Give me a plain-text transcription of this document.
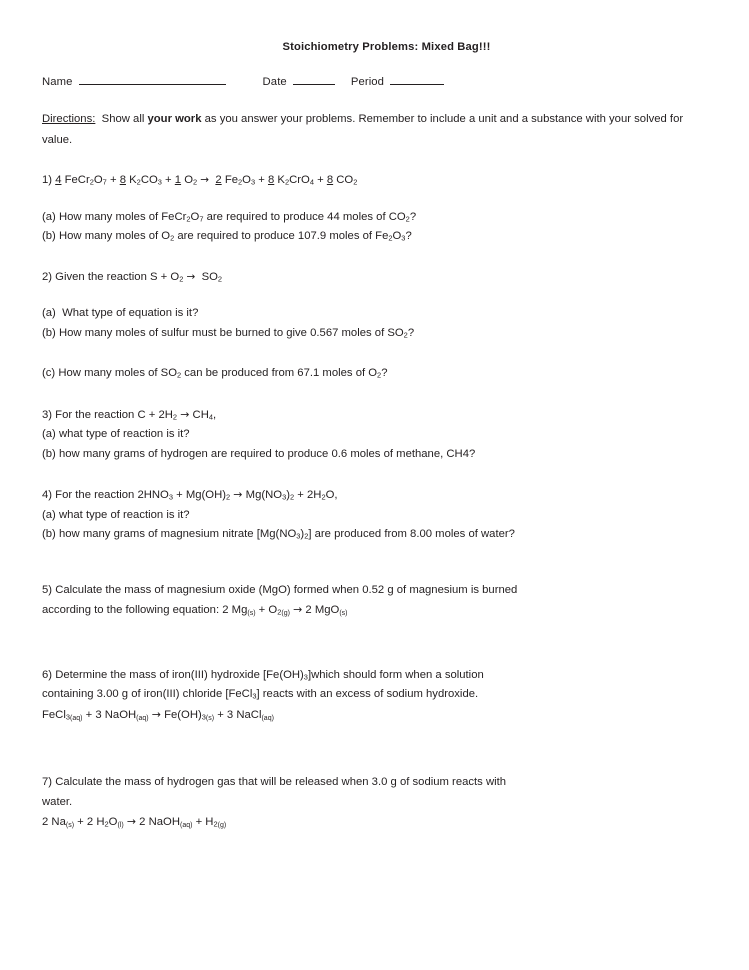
Stoichiometry Problems: Mixed Bag!!!
Name	Date	Period

Directions: Show all your work as you answer your problems. Remember to include a unit and a substance with your solved for value.

1) 4 $FeCr_2O_7 + 8$ $K_2CO_3 + 1$ $O_2 \to 2$ $Fe_2O_3 + 8$ $K_2CrO_4 + 8$ $CO_2$

(a) How many moles of $FeCr_2O_7$ are required to produce 44 moles of $CO_2$?

(b) How many moles of $O_2$ are required to produce 107.9 moles of $Fe_2O_3$?

2) Given the reaction $S + O_2 \to SO_2$

(a)  What type of equation is it?

(b) How many moles of sulfur must be burned to give 0.567 moles of $SO_2$?

(c) How many moles of $SO_2$ can be produced from 67.1 moles of $O_2$?

3) For the reaction $C + 2H_2 \to CH_4$,

(a) what type of reaction is it?

(b) how many grams of hydrogen are required to produce 0.6 moles of methane, CH4?

4) For the reaction $2HNO_3 + Mg(OH)_2 \to Mg(NO_3)_2 + 2H_2O$,

(a) what type of reaction is it?

(b) how many grams of magnesium nitrate $[Mg(NO_3)_2]$ are produced from 8.00 moles of water?

5) Calculate the mass of magnesium oxide (MgO) formed when 0.52 g of magnesium is burned

according to the following equation: 2 $Mg(s) + O_2(g) \to 2$ MgO(s)

6) Determine the mass of iron(III) hydroxide $[Fe(OH)_3]which$ should form when a solution

containing 3.00 g of iron(III) chloride [FeCl$_3$] reacts with an excess of sodium hydroxide.

FeCl$_3$(aq) + 3 NaOH(aq) → $Fe(OH)_3(s) + 3$ NaCl(aq)

7) Calculate the mass of hydrogen gas that will be released when 3.0 g of sodium reacts with

water.

2 Na(s) + 2 $H_2O(l) \to 2$ NaOH(aq) + $H_2(g)$
